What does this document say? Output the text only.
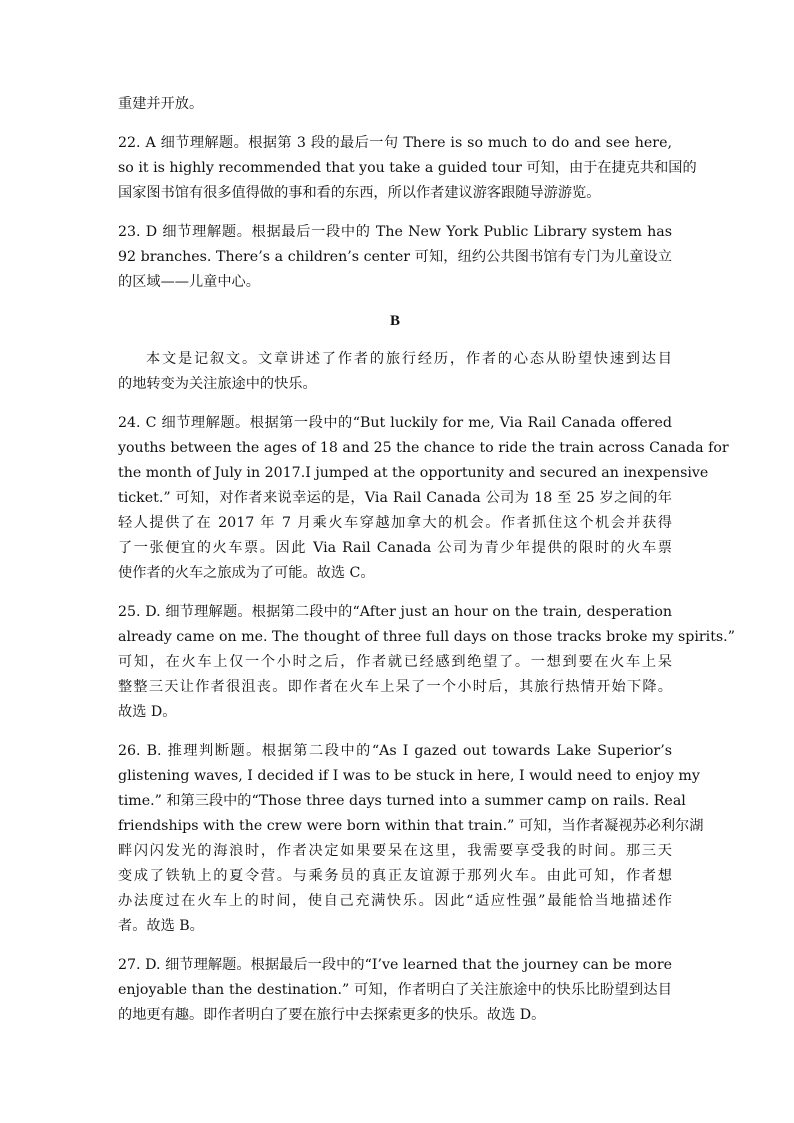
重建并开放。

22. A 细节理解题。根据第 3 段的最后一句 There is so much to do and see here,
so it is highly recommended that you take a guided tour 可知，由于在捷克共和国的
国家图书馆有很多值得做的事和看的东西，所以作者建议游客跟随导游游览。

23. D 细节理解题。根据最后一段中的 The New York Public Library system has
92 branches. There’s a children’s center 可知，纽约公共图书馆有专门为儿童设立
的区域——儿童中心。

B

本文是记叙文。文章讲述了作者的旅行经历，作者的心态从盼望快速到达目
的地转变为关注旅途中的快乐。

24. C 细节理解题。根据第一段中的“But luckily for me, Via Rail Canada offered
youths between the ages of 18 and 25 the chance to ride the train across Canada for
the month of July in 2017.I jumped at the opportunity and secured an inexpensive
ticket.” 可知，对作者来说幸运的是，Via Rail Canada 公司为 18 至 25 岁之间的年
轻人提供了在 2017 年 7 月乘火车穿越加拿大的机会。作者抓住这个机会并获得
了一张便宜的火车票。因此 Via Rail Canada 公司为青少年提供的限时的火车票
使作者的火车之旅成为了可能。故选 C。

25. D. 细节理解题。根据第二段中的“After just an hour on the train, desperation
already came on me. The thought of three full days on those tracks broke my spirits.”
可知，在火车上仅一个小时之后，作者就已经感到绝望了。一想到要在火车上呆
整整三天让作者很沮丧。即作者在火车上呆了一个小时后，其旅行热情开始下降。
故选 D。

26. B. 推理判断题。根据第二段中的“As I gazed out towards Lake Superior’s
glistening waves, I decided if I was to be stuck in here, I would need to enjoy my
time.” 和第三段中的“Those three days turned into a summer camp on rails. Real
friendships with the crew were born within that train.” 可知，当作者凝视苏必利尔湖
畔闪闪发光的海浪时，作者决定如果要呆在这里，我需要享受我的时间。那三天
变成了铁轨上的夏令营。与乘务员的真正友谊源于那列火车。由此可知，作者想
办法度过在火车上的时间，使自己充满快乐。因此“适应性强”最能恰当地描述作
者。故选 B。

27. D. 细节理解题。根据最后一段中的“I’ve learned that the journey can be more
enjoyable than the destination.” 可知，作者明白了关注旅途中的快乐比盼望到达目
的地更有趣。即作者明白了要在旅行中去探索更多的快乐。故选 D。
